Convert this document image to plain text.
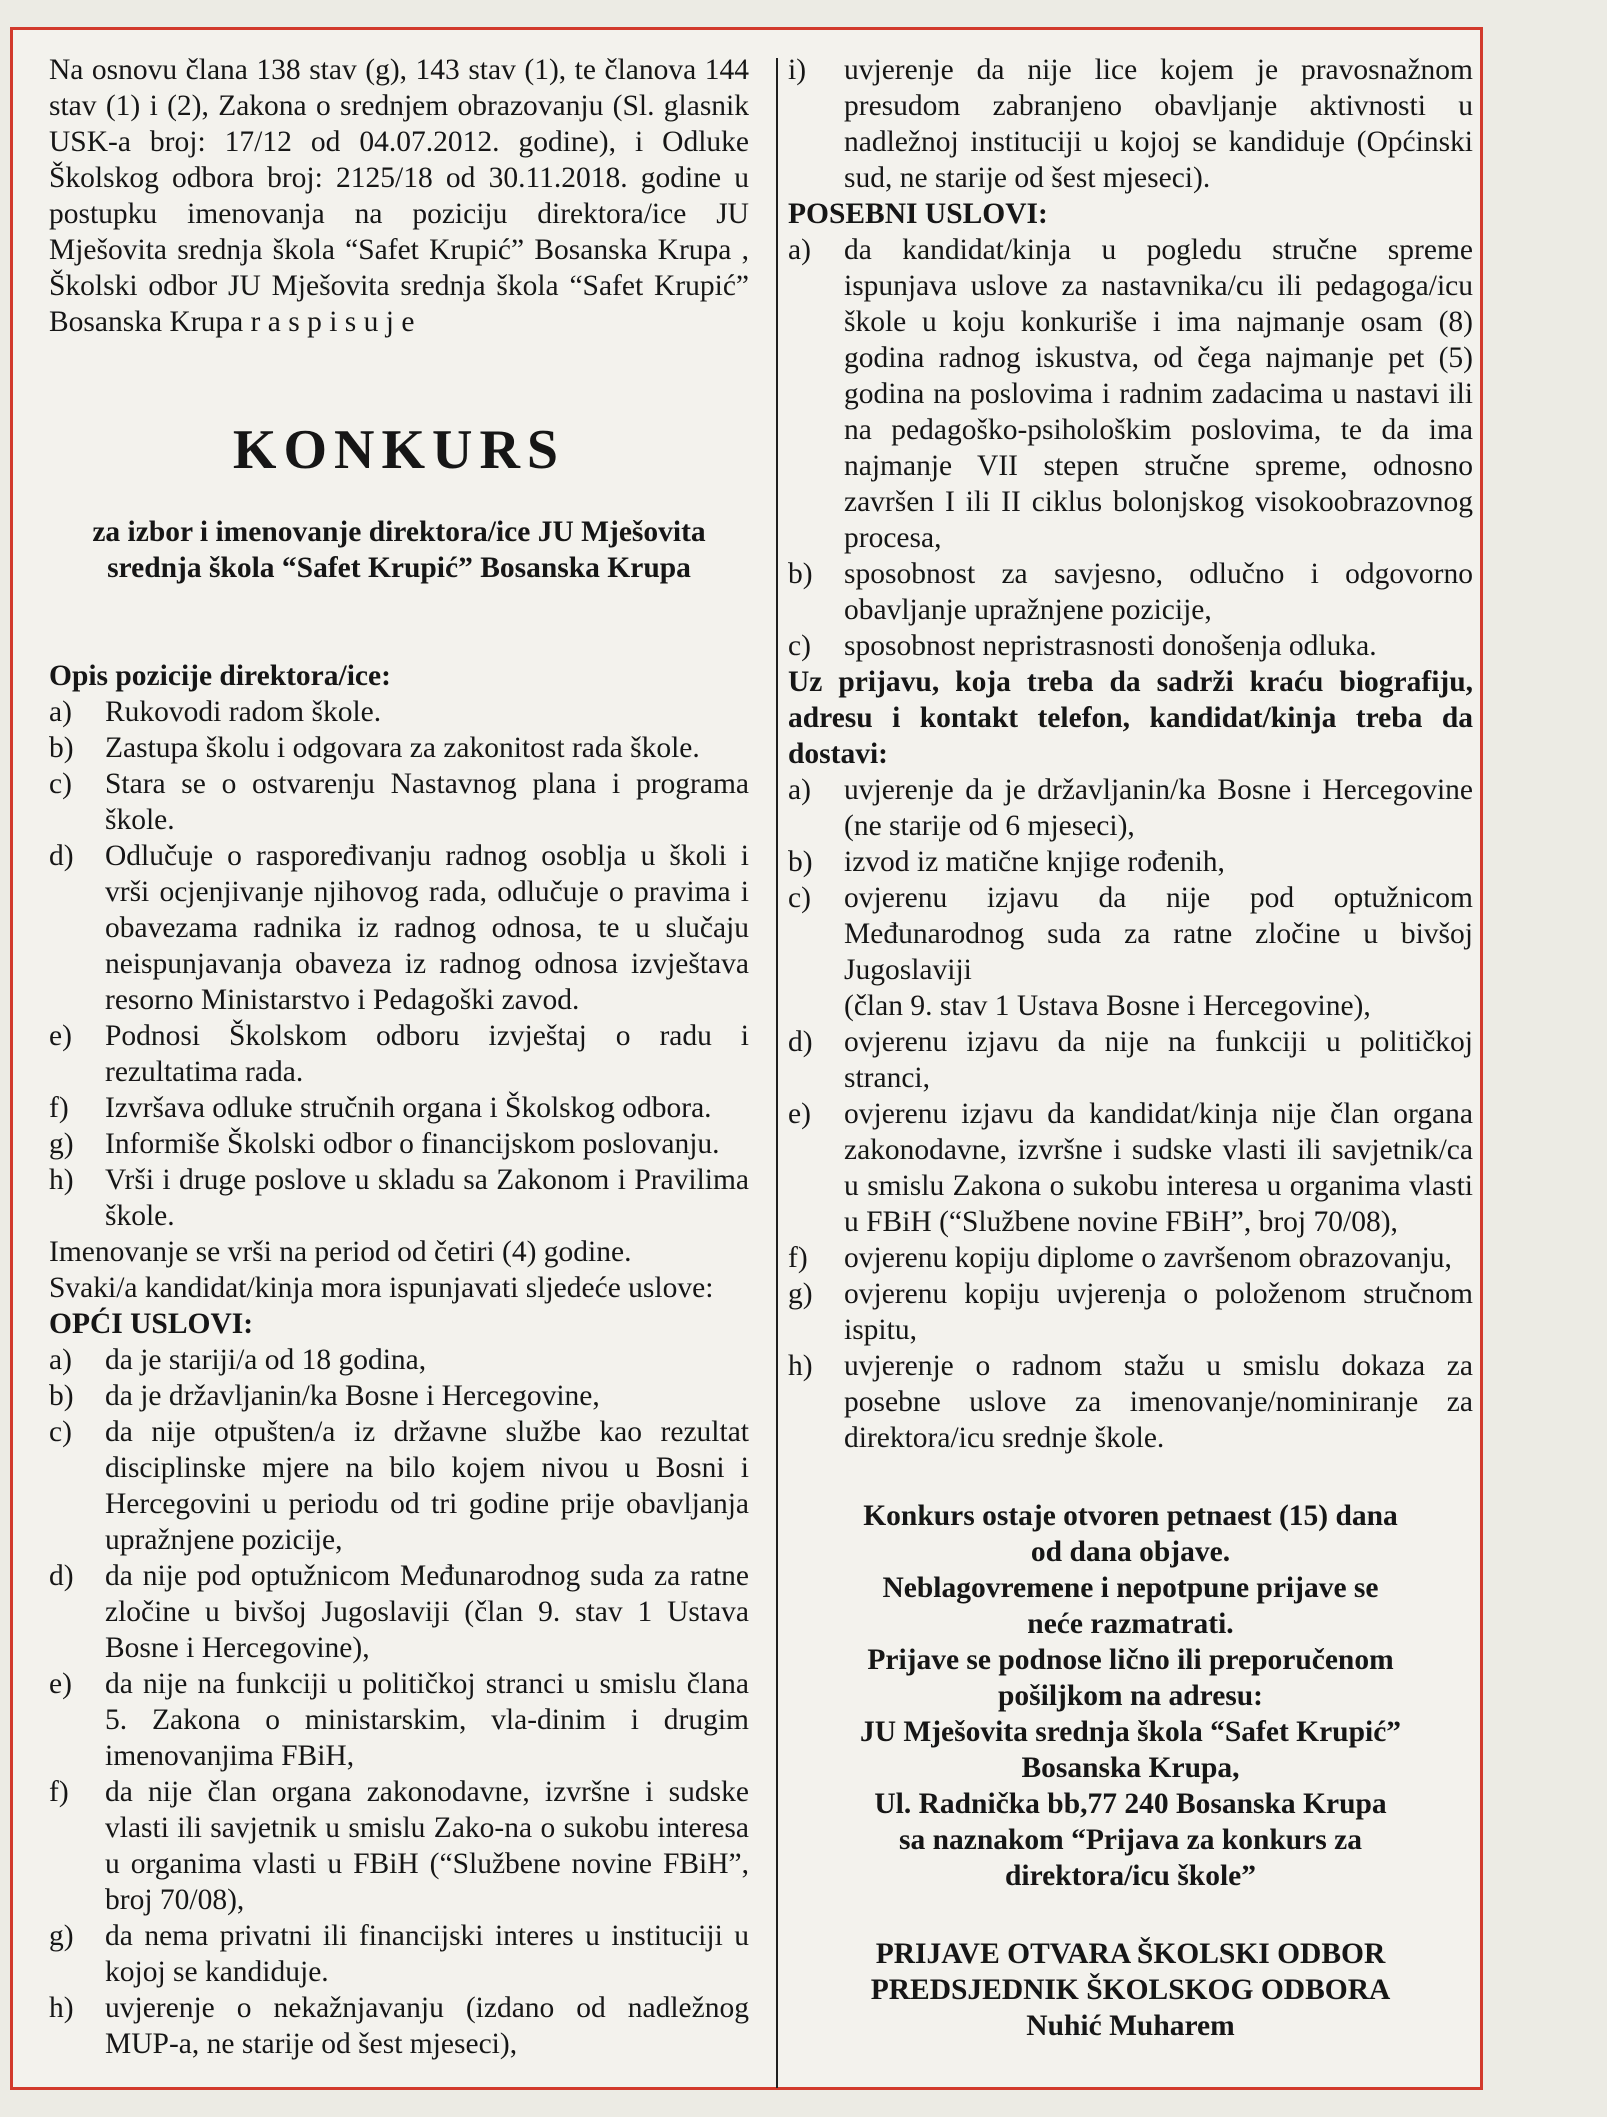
Na osnovu člana 138 stav (g), 143 stav (1), te članova 144 stav (1) i (2), Zakona o srednjem obrazovanju (Sl. glasnik USK-a broj: 17/12 od 04.07.2012. godine), i Odluke Školskog odbora broj: 2125/18 od 30.11.2018. godine u postupku imenovanja na poziciju direktora/ice JU Mješovita srednja škola “Safet Krupić” Bosanska Krupa , Školski odbor JU Mješovita srednja škola “Safet Krupić” Bosanska Krupa r a s p i s u j e

KONKURS
za izbor i imenovanje direktora/ice JU Mješovita srednja škola “Safet Krupić” Bosanska Krupa
Opis pozicije direktora/ice:
a)	Rukovodi radom škole.
b)	Zastupa školu i odgovara za zakonitost rada škole.
c)	Stara se o ostvarenju Nastavnog plana i programa škole.
d)	Odlučuje o raspoređivanju radnog osoblja u školi i vrši ocjenjivanje njihovog rada, odlučuje o pravima i obavezama radnika iz radnog odnosa, te u slučaju neispunjavanja obaveza iz radnog odnosa izvještava resorno Ministarstvo i Pedagoški zavod.
e)	Podnosi Školskom odboru izvještaj o radu i rezultatima rada.
f)	Izvršava odluke stručnih organa i Školskog odbora.
g)	Informiše Školski odbor o financijskom poslovanju.
h)	Vrši i druge poslove u skladu sa Zakonom i Pravilima škole.

Imenovanje se vrši na period od četiri (4) godine.

Svaki/a kandidat/kinja mora ispunjavati sljedeće uslove:

OPĆI USLOVI:
a)	da je stariji/a od 18 godina,
b)	da je državljanin/ka Bosne i Hercegovine,
c)	da nije otpušten/a iz državne službe kao rezultat disciplinske mjere na bilo kojem nivou u Bosni i Hercegovini u periodu od tri godine prije obavljanja upražnjene pozicije,
d)	da nije pod optužnicom Međunarodnog suda za ratne zločine u bivšoj Jugoslaviji (član 9. stav 1 Ustava Bosne i Hercegovine),
e)	da nije na funkciji u političkoj stranci u smislu člana 5. Zakona o ministarskim, vla-dinim i drugim imenovanjima FBiH,
f)	da nije član organa zakonodavne, izvršne i sudske vlasti ili savjetnik u smislu Zako-na o sukobu interesa u organima vlasti u FBiH (“Službene novine FBiH”, broj 70/08),
g)	da nema privatni ili financijski interes u instituciji u kojoj se kandiduje.
h)	uvjerenje o nekažnjavanju (izdano od nadležnog MUP-a, ne starije od šest mjeseci),
i)	uvjerenje da nije lice kojem je pravosnažnom presudom zabranjeno obavljanje aktivnosti u nadležnoj instituciji u kojoj se kandiduje (Općinski sud, ne starije od šest mjeseci).
POSEBNI USLOVI:
a)	da kandidat/kinja u pogledu stručne spreme ispunjava uslove za nastavnika/cu ili pedagoga/icu škole u koju konkuriše i ima najmanje osam (8) godina radnog iskustva, od čega najmanje pet (5) godina na poslovima i radnim zadacima u nastavi ili na pedagoško-psihološkim poslovima, te da ima najmanje VII stepen stručne spreme, odnosno završen I ili II ciklus bolonjskog visokoobrazovnog procesa,
b)	sposobnost za savjesno, odlučno i odgovorno obavljanje upražnjene pozicije,
c)	sposobnost nepristrasnosti donošenja odluka.
Uz prijavu, koja treba da sadrži kraću biografiju, adresu i kontakt telefon, kandidat/kinja treba da dostavi:
a)	uvjerenje da je državljanin/ka Bosne i Hercegovine (ne starije od 6 mjeseci),
b)	izvod iz matične knjige rođenih,
c)	ovjerenu izjavu da nije pod optužnicom Međunarodnog suda za ratne zločine u bivšoj Jugoslaviji
(član 9. stav 1 Ustava Bosne i Hercegovine),
d)	ovjerenu izjavu da nije na funkciji u političkoj stranci,
e)	ovjerenu izjavu da kandidat/kinja nije član organa zakonodavne, izvršne i sudske vlasti ili savjetnik/ca u smislu Zakona o sukobu interesa u organima vlasti u FBiH (“Službene novine FBiH”, broj 70/08),
f)	ovjerenu kopiju diplome o završenom obrazovanju,
g)	ovjerenu kopiju uvjerenja o položenom stručnom ispitu,
h)	uvjerenje o radnom stažu u smislu dokaza za posebne uslove za imenovanje/nominiranje za direktora/icu srednje škole.
Konkurs ostaje otvoren petnaest (15) dana
od dana objave.
Neblagovremene i nepotpune prijave se
neće razmatrati.
Prijave se podnose lično ili preporučenom
pošiljkom na adresu:
JU Mješovita srednja škola “Safet Krupić”
Bosanska Krupa,
Ul. Radnička bb,77 240 Bosanska Krupa
sa naznakom “Prijava za konkurs za
direktora/icu škole”
PRIJAVE OTVARA ŠKOLSKI ODBOR
PREDSJEDNIK ŠKOLSKOG ODBORA
Nuhić Muharem
